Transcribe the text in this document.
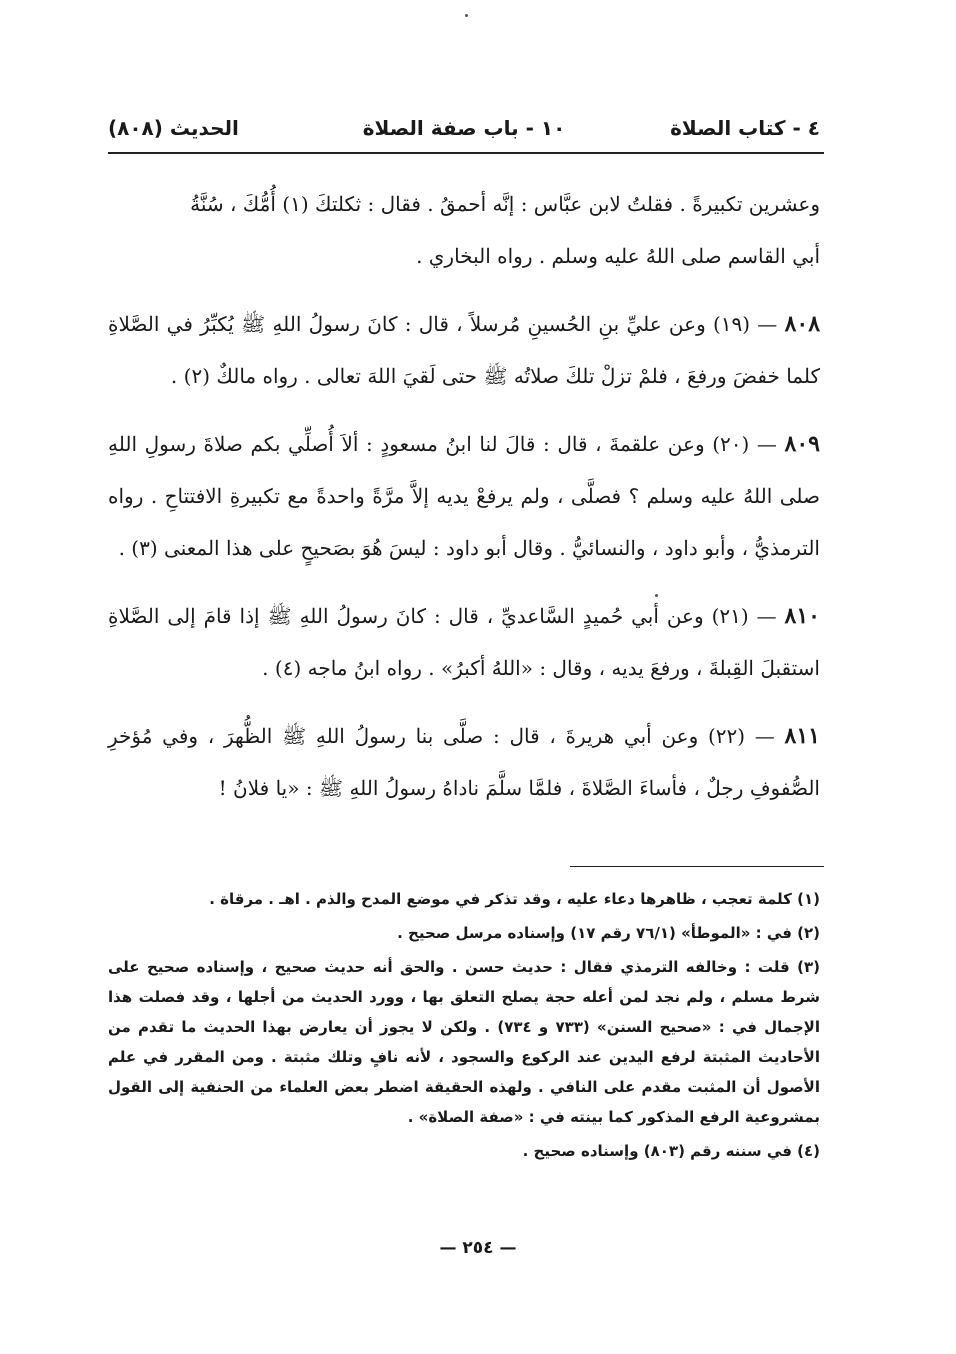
٤ - كتاب الصلاة
١٠ - باب صفة الصلاة
الحديث (٨٠٨)

وعشرين تكبيرةً . فقلتُ لابن عبَّاس : إنَّه أحمقُ . فقال : ثكلتكَ (١) أُمُّكَ ، سُنَّةُ
أبي القاسم صلى اللهُ عليه وسلم . رواه البخاري .

٨٠٨ — (١٩) وعن عليِّ بنِ الحُسينِ مُرسلاً ، قال : كانَ رسولُ اللهِ ﷺ يُكبِّرُ في الصَّلاةِ كلما خفضَ ورفعَ ، فلمْ تزلْ تلكَ صلاتُه ﷺ حتى لَقيَ اللهَ تعالى . رواه مالكٌ (٢) .

٨٠٩ — (٢٠) وعن علقمةَ ، قال : قالَ لنا ابنُ مسعودٍ : ألاَ أُصلِّي بكم صلاةَ رسولِ اللهِ صلى اللهُ عليه وسلم ؟ فصلَّى ، ولم يرفعْ يديه إلاَّ مرَّةً واحدةً مع تكبيرةِ الافتتاحِ . رواه الترمذيُّ ، وأبو داود ، والنسائيُّ . وقال أبو داود : ليسَ هُوَ بصَحيحٍ على هذا المعنى (٣) .

٨١٠ — (٢١) وعن أبي حُميدٍ السَّاعديِّ ، قال : كانَ رسولُ اللهِ ﷺ إذا قامَ إلى الصَّلاةِ استقبلَ القِبلةَ ، ورفعَ يديه ، وقال : «اللهُ أكبرُ» . رواه ابنُ ماجه (٤) .

٨١١ — (٢٢) وعن أبي هريرةَ ، قال : صلَّى بنا رسولُ اللهِ ﷺ الظُّهرَ ، وفي مُؤخرِ الصُّفوفِ رجلٌ ، فأساءَ الصَّلاةَ ، فلمَّا سلَّمَ ناداهُ رسولُ اللهِ ﷺ : «يا فلانُ !

(١) كلمة تعجب ، ظاهرها دعاء عليه ، وقد تذكر في موضع المدح والذم . اهـ . مرقاة .

(٢) في : «الموطأ» (٧٦/١ رقم ١٧) وإسناده مرسل صحيح .

(٣) قلت : وخالفه الترمذي فقال : حديث حسن . والحق أنه حديث صحيح ، وإسناده صحيح على شرط مسلم ، ولم نجد لمن أعله حجة يصلح التعلق بها ، وورد الحديث من أجلها ، وقد فصلت هذا الإجمال في : «صحيح السنن» (٧٣٣ و ٧٣٤) . ولكن لا يجوز أن يعارض بهذا الحديث ما تقدم من الأحاديث المثبتة لرفع اليدين عند الركوع والسجود ، لأنه نافٍ وتلك مثبتة . ومن المقرر في علم الأصول أن المثبت مقدم على النافي . ولهذه الحقيقة اضطر بعض العلماء من الحنفية إلى القول بمشروعية الرفع المذكور كما بينته في : «صفة الصلاة» .

(٤) في سننه رقم (٨٠٣) وإسناده صحيح .

— ٢٥٤ —
